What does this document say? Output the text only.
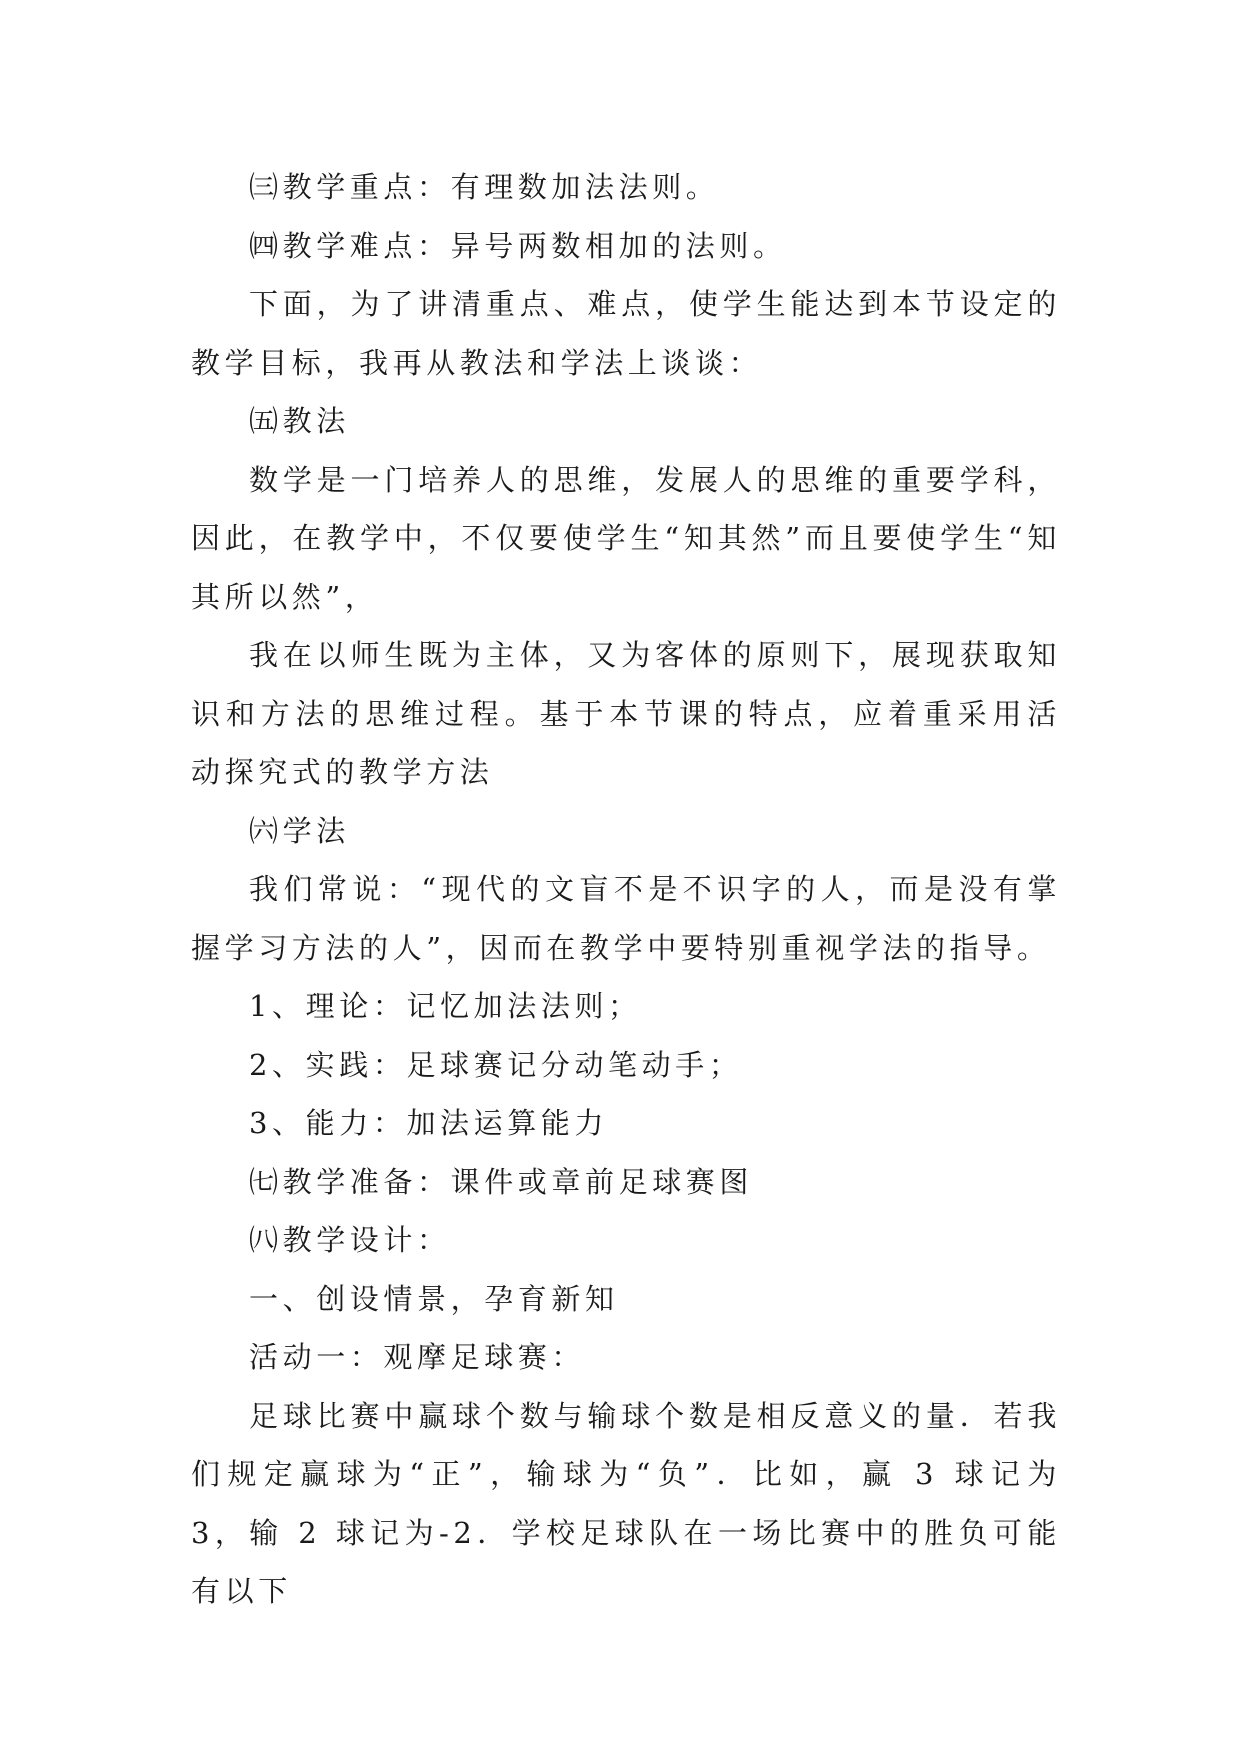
㈢教学重点：有理数加法法则。

㈣教学难点：异号两数相加的法则。

下面，为了讲清重点、难点，使学生能达到本节设定的教学目标，我再从教法和学法上谈谈：

㈤教法

数学是一门培养人的思维，发展人的思维的重要学科，因此，在教学中，不仅要使学生“知其然”而且要使学生“知其所以然”，

我在以师生既为主体，又为客体的原则下，展现获取知识和方法的思维过程。基于本节课的特点，应着重采用活动探究式的教学方法

㈥学法

我们常说：“现代的文盲不是不识字的人，而是没有掌握学习方法的人”，因而在教学中要特别重视学法的指导。

1、理论：记忆加法法则；

2、实践：足球赛记分动笔动手；

3、能力：加法运算能力

㈦教学准备：课件或章前足球赛图

㈧教学设计：

一、创设情景，孕育新知

活动一：观摩足球赛：

足球比赛中赢球个数与输球个数是相反意义的量．若我们规定赢球为“正”，输球为“负”．比如，赢 3 球记为 3，输 2 球记为-2．学校足球队在一场比赛中的胜负可能有以下
